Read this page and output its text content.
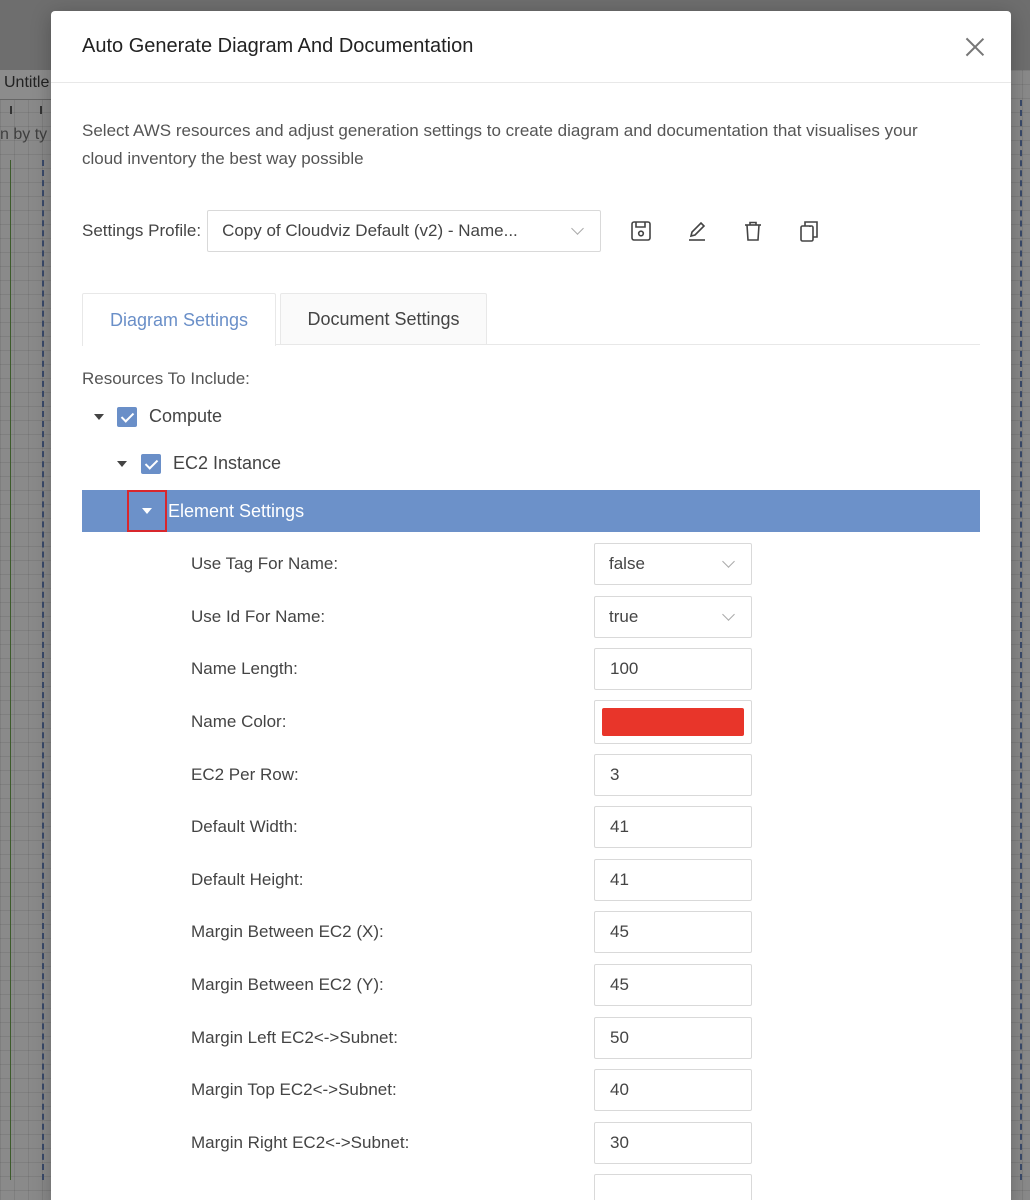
Untitle
n by ty
Auto Generate Diagram And Documentation
Select AWS resources and adjust generation settings to create diagram and documentation that visualises your cloud inventory the best way possible
Settings Profile: Copy of Cloudviz Default (v2) - Name...
Diagram Settings	Document Settings
Resources To Include:
Compute
EC2 Instance
Element Settings
Use Tag For Name:	false
Use Id For Name:	true
Name Length:	100
Name Color:
EC2 Per Row:	3
Default Width:	41
Default Height:	41
Margin Between EC2 (X):	45
Margin Between EC2 (Y):	45
Margin Left EC2<->Subnet:	50
Margin Top EC2<->Subnet:	40
Margin Right EC2<->Subnet:	30
